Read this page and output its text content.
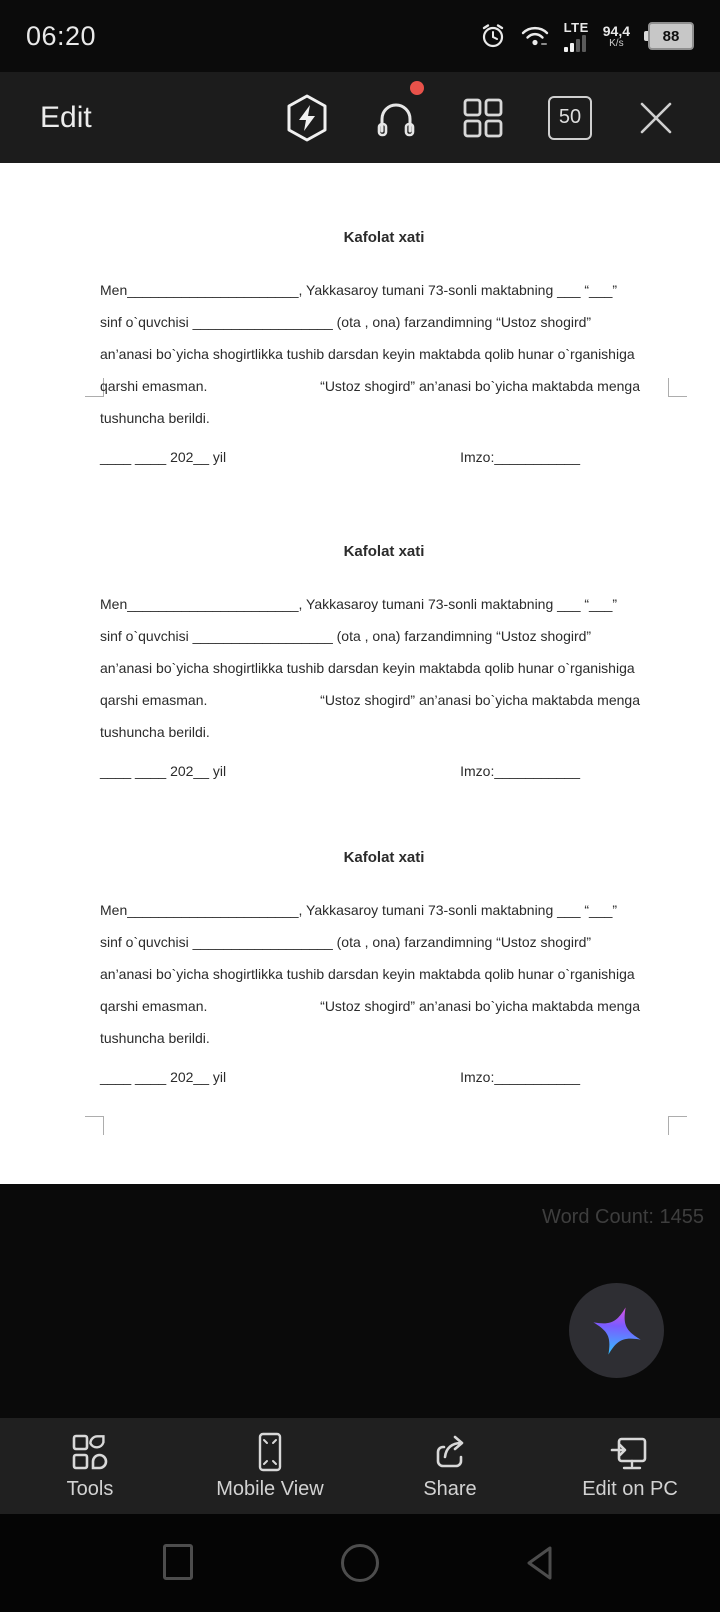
06:20	LTE 94,4
K/s	88
Edit	50
Kafolat xati
Men______________________, Yakkasaroy tumani 73-sonli maktabning ___ “___”
sinf o`quvchisi __________________ (ota , ona) farzandimning “Ustoz shogird”
an’anasi bo`yicha shogirtlikka tushib darsdan keyin maktabda qolib hunar o`rganishiga
qarshi emasman.	“Ustoz shogird” an’anasi bo`yicha maktabda menga
tushuncha berildi.
____ ____ 202__ yil	Imzo:___________
Kafolat xati
Men______________________, Yakkasaroy tumani 73-sonli maktabning ___ “___”
sinf o`quvchisi __________________ (ota , ona) farzandimning “Ustoz shogird”
an’anasi bo`yicha shogirtlikka tushib darsdan keyin maktabda qolib hunar o`rganishiga
qarshi emasman.	“Ustoz shogird” an’anasi bo`yicha maktabda menga
tushuncha berildi.
____ ____ 202__ yil	Imzo:___________
Kafolat xati
Men______________________, Yakkasaroy tumani 73-sonli maktabning ___ “___”
sinf o`quvchisi __________________ (ota , ona) farzandimning “Ustoz shogird”
an’anasi bo`yicha shogirtlikka tushib darsdan keyin maktabda qolib hunar o`rganishiga
qarshi emasman.	“Ustoz shogird” an’anasi bo`yicha maktabda menga
tushuncha berildi.
____ ____ 202__ yil	Imzo:___________
Word Count: 1455
Tools	Mobile View	Share	Edit on PC
